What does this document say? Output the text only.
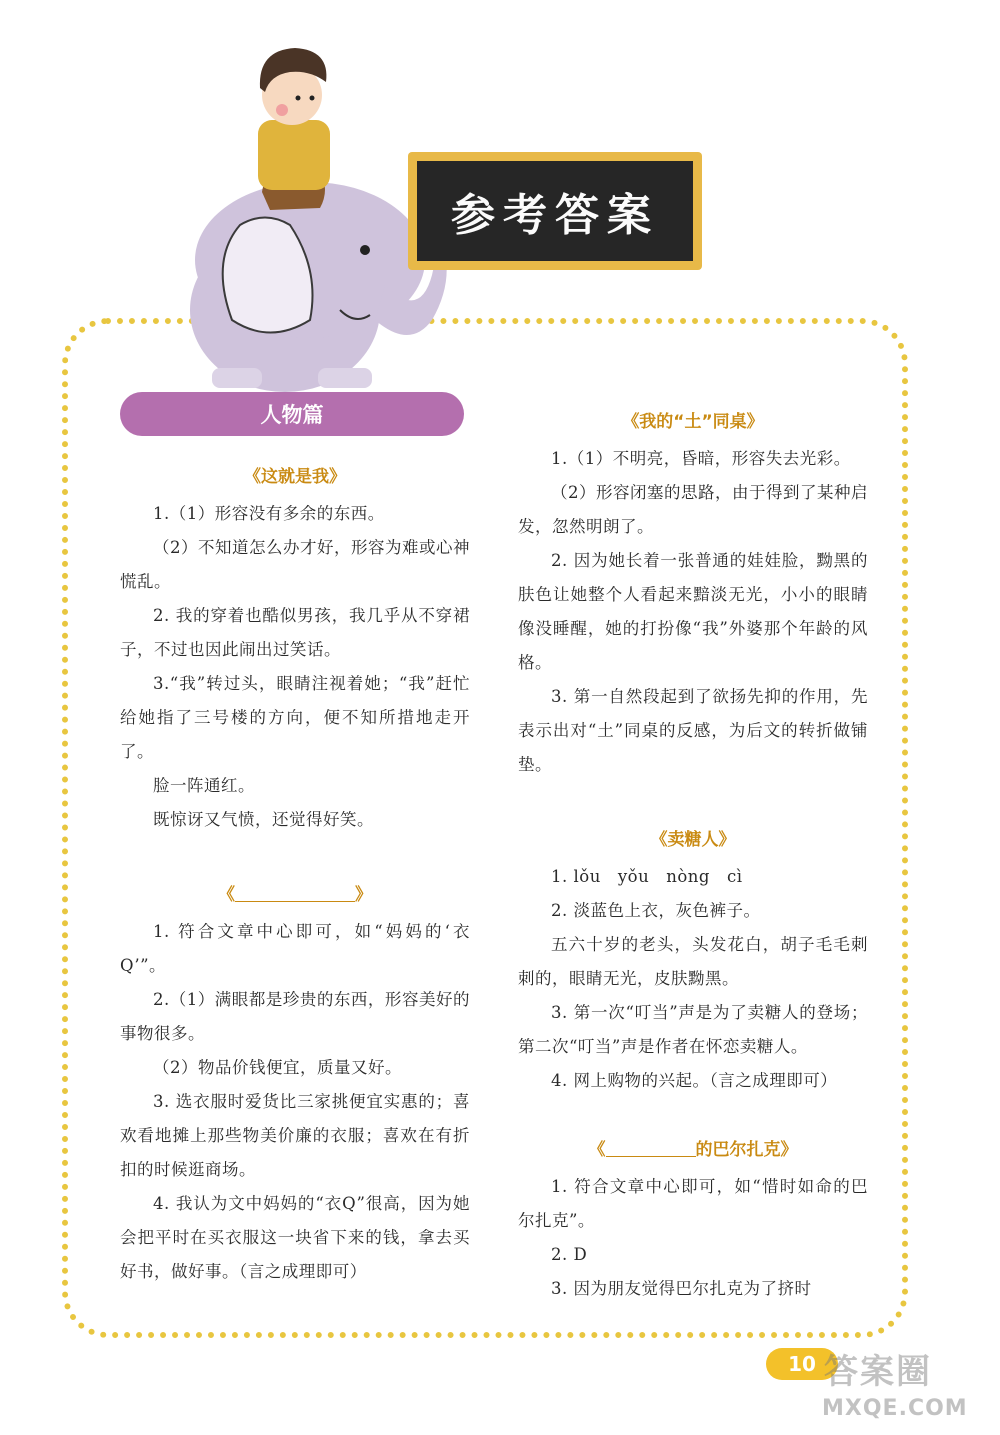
参考答案
人物篇
《这就是我》

1.（1）形容没有多余的东西。

（2）不知道怎么办才好，形容为难或心神慌乱。

2. 我的穿着也酷似男孩，我几乎从不穿裙子，不过也因此闹出过笑话。

3.“我”转过头，眼睛注视着她；“我”赶忙给她指了三号楼的方向，便不知所措地走开了。

脸一阵通红。

既惊讶又气愤，还觉得好笑。

《	》

1. 符合文章中心即可，如“妈妈的‘衣Q’”。

2.（1）满眼都是珍贵的东西，形容美好的事物很多。

（2）物品价钱便宜，质量又好。

3. 选衣服时爱货比三家挑便宜实惠的；喜欢看地摊上那些物美价廉的衣服；喜欢在有折扣的时候逛商场。

4. 我认为文中妈妈的“衣Q”很高，因为她会把平时在买衣服这一块省下来的钱，拿去买好书，做好事。（言之成理即可）

《我的“土”同桌》

1.（1）不明亮，昏暗，形容失去光彩。

（2）形容闭塞的思路，由于得到了某种启发，忽然明朗了。

2. 因为她长着一张普通的娃娃脸，黝黑的肤色让她整个人看起来黯淡无光，小小的眼睛像没睡醒，她的打扮像“我”外婆那个年龄的风格。

3. 第一自然段起到了欲扬先抑的作用，先表示出对“土”同桌的反感，为后文的转折做铺垫。

《卖糖人》

1. lǒu　yǒu　nòng　cì

2. 淡蓝色上衣，灰色裤子。

五六十岁的老头，头发花白，胡子毛毛刺刺的，眼睛无光，皮肤黝黑。

3. 第一次“叮当”声是为了卖糖人的登场；第二次“叮当”声是作者在怀恋卖糖人。

4. 网上购物的兴起。（言之成理即可）

《	的巴尔扎克》

1. 符合文章中心即可，如“惜时如命的巴尔扎克”。

2. D

3. 因为朋友觉得巴尔扎克为了挤时

10 答案圈
MXQE.COM
